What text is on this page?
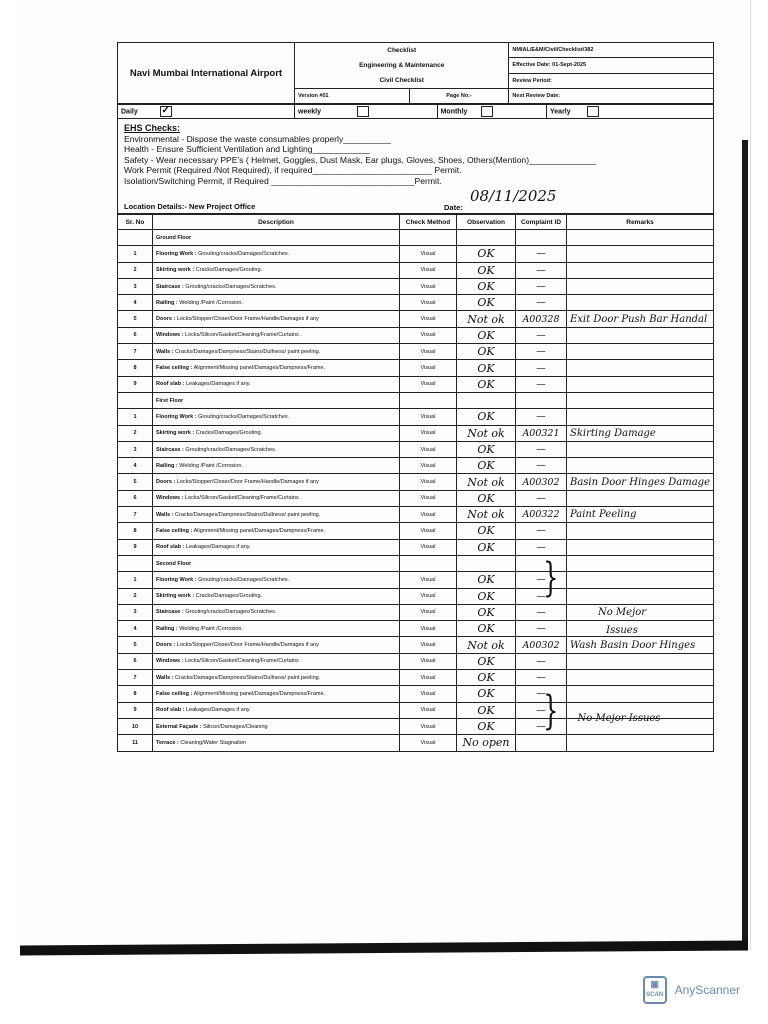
Navi Mumbai International Airport	Checklist
Engineering & Maintenance
Civil Checklist		NMIAL/E&M/Civil/Checklist/382
			Effective Date: 01-Sept-2025
			Review Period:
	Version #01	Page No:-	Next Review Date:
Daily ✓	weekly	Monthly	Yearly
EHS Checks:
Environmental - Dispose the waste consumables properly__________
Health - Ensure Sufficient Ventilation and Lighting____________
Safety - Wear necessary PPE's ( Helmet, Goggles, Dust Mask, Ear plugs, Gloves, Shoes, Others(Mention)______________
Work Permit (Required /Not Required), if required_________________________ Permit.
Isolation/Switching Permit, if Required ______________________________Permit.
Location Details:- New Project Office	Date:
08/11/2025
Sr. No	Description	Check Method	Observation	Complaint ID	Remarks
	Ground Floor				
1	Flooring Work : Grouting/cracks/Damages/Scratches.	Visual	OK	—	
2	Skirting work : Cracks/Damages/Grouting.	Visual	OK	—	
3	Staircase : Grouting/cracks/Damages/Scratches.	Visual	OK	—	
4	Railing : Welding /Paint /Corrosion.	Visual	OK	—	
5	Doors : Locks/Stopper/Closer/Door Frame/Handle/Damages if any	Visual	Not ok	A00328	Exit Door Push Bar Handal
6	Windows : Locks/Silicon/Gasket/Cleaning/Frame/Curtains .	Visual	OK	—	
7	Walls : Cracks/Damages/Dampness/Stains/Dullness/ paint peeling.	Visual	OK	—	
8	False ceiling : Alignment/Missing panel/Damages/Dampness/Frame.	Visual	OK	—	
9	Roof slab : Leakages/Damages if any.	Visual	OK	—	
	First Floor				
1	Flooring Work : Grouting/cracks/Damages/Scratches.	Visual	OK	—	
2	Skirting work : Cracks/Damages/Grouting.	Visual	Not ok	A00321	Skirting Damage
3	Staircase : Grouting/cracks/Damages/Scratches.	Visual	OK	—	
4	Railing : Welding /Paint /Corrosion.	Visual	OK	—	
5	Doors : Locks/Stopper/Closer/Door Frame/Handle/Damages if any	Visual	Not ok	A00302	Basin Door Hinges Damage
6	Windows : Locks/Silicon/Gasket/Cleaning/Frame/Curtains .	Visual	OK	—	
7	Walls : Cracks/Damages/Dampness/Stains/Dullness/ paint peeling.	Visual	Not ok	A00322	Paint Peeling
8	False ceiling : Alignment/Missing panel/Damages/Dampness/Frame.	Visual	OK	—	
9	Roof slab : Leakages/Damages if any.	Visual	OK	—	
	Second Floor				
1	Flooring Work : Grouting/cracks/Damages/Scratches.	Visual	OK	—	
2	Skirting work : Cracks/Damages/Grouting.	Visual	OK	—	
3	Staircase : Grouting/cracks/Damages/Scratches.	Visual	OK	—	
4	Railing : Welding /Paint /Corrosion.	Visual	OK	—	
5	Doors : Locks/Stopper/Closer/Door Frame/Handle/Damages if any	Visual	Not ok	A00302	Wash Basin Door Hinges
6	Windows : Locks/Silicon/Gasket/Cleaning/Frame/Curtains .	Visual	OK	—	
7	Walls : Cracks/Damages/Dampness/Stains/Dullness/ paint peeling.	Visual	OK	—	
8	False ceiling : Alignment/Missing panel/Damages/Dampness/Frame.	Visual	OK	—	
9	Roof slab : Leakages/Damages if any.	Visual	OK	—	
10	External Façade : Silicon/Damages/Cleaning	Visual	OK	—	
11	Terrace : Cleaning/Water Stagnation	Visual	No open		
}
No Mejor Issues
}	No Mejor Issues
▣
SCAN AnyScanner
